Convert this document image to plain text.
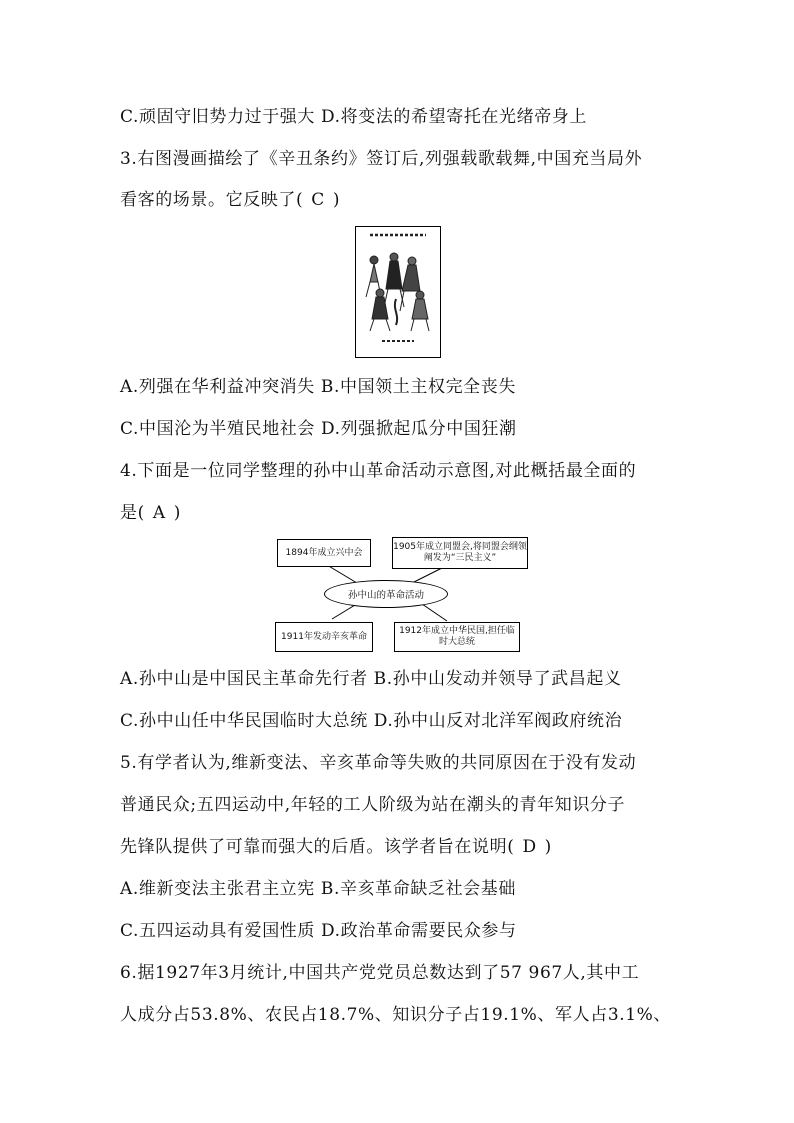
C.顽固守旧势力过于强大 D.将变法的希望寄托在光绪帝身上
3.右图漫画描绘了《辛丑条约》签订后,列强载歌载舞,中国充当局外
看客的场景。它反映了( C )
A.列强在华利益冲突消失 B.中国领土主权完全丧失
C.中国沦为半殖民地社会 D.列强掀起瓜分中国狂潮
4.下面是一位同学整理的孙中山革命活动示意图,对此概括最全面的
是( A )
1894年成立兴中会
1905年成立同盟会,将同盟会纲领阐发为“三民主义”
孙中山的革命活动
1911年发动辛亥革命
1912年成立中华民国,担任临时大总统
A.孙中山是中国民主革命先行者 B.孙中山发动并领导了武昌起义
C.孙中山任中华民国临时大总统 D.孙中山反对北洋军阀政府统治
5.有学者认为,维新变法、辛亥革命等失败的共同原因在于没有发动
普通民众;五四运动中,年轻的工人阶级为站在潮头的青年知识分子
先锋队提供了可靠而强大的后盾。该学者旨在说明( D )
A.维新变法主张君主立宪 B.辛亥革命缺乏社会基础
C.五四运动具有爱国性质 D.政治革命需要民众参与
6.据1927年3月统计,中国共产党党员总数达到了57 967人,其中工
人成分占53.8%、农民占18.7%、知识分子占19.1%、军人占3.1%、
